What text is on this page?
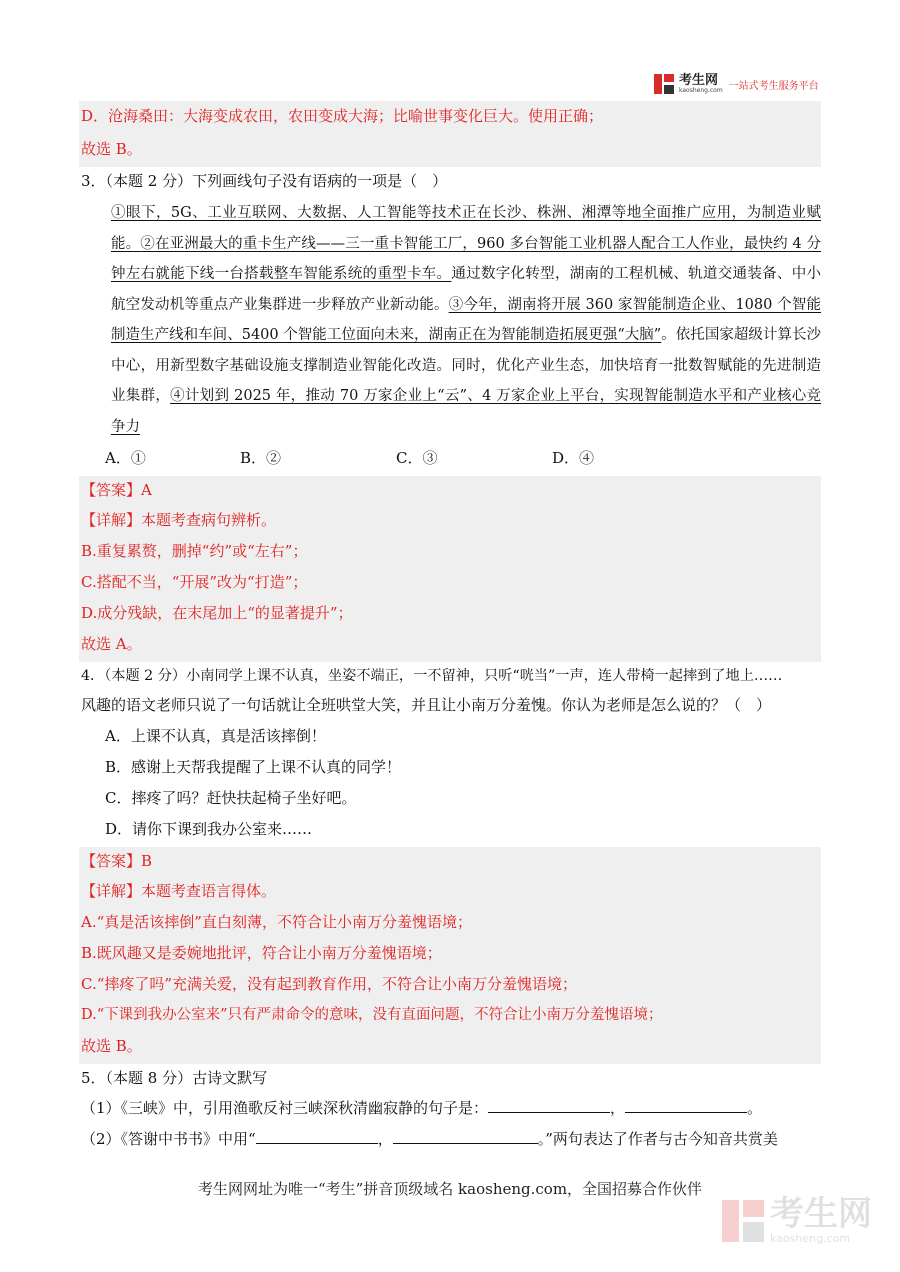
考生网
kaosheng.com 一站式考生服务平台
D．沧海桑田：大海变成农田，农田变成大海；比喻世事变化巨大。使用正确；
故选 B。
3．（本题 2 分）下列画线句子没有语病的一项是（　）
①眼下，5G、工业互联网、大数据、人工智能等技术正在长沙、株洲、湘潭等地全面推广应用，为制造业赋能。②在亚洲最大的重卡生产线——三一重卡智能工厂，960 多台智能工业机器人配合工人作业，最快约 4 分钟左右就能下线一台搭载整车智能系统的重型卡车。通过数字化转型，湖南的工程机械、轨道交通装备、中小航空发动机等重点产业集群进一步释放产业新动能。③今年，湖南将开展 360 家智能制造企业、1080 个智能制造生产线和车间、5400 个智能工位面向未来，湖南正在为智能制造拓展更强“大脑”。依托国家超级计算长沙中心，用新型数字基础设施支撑制造业智能化改造。同时，优化产业生态，加快培育一批数智赋能的先进制造业集群，④计划到 2025 年，推动 70 万家企业上“云”、4 万家企业上平台，实现智能制造水平和产业核心竞争力
A．①	B．②	C．③	D．④
【答案】A
【详解】本题考查病句辨析。
B.重复累赘，删掉“约”或“左右”；
C.搭配不当，“开展”改为“打造”；
D.成分残缺，在末尾加上“的显著提升”；
故选 A。
4．（本题 2 分）小南同学上课不认真，坐姿不端正，一不留神，只听“咣当”一声，连人带椅一起摔到了地上……
风趣的语文老师只说了一句话就让全班哄堂大笑，并且让小南万分羞愧。你认为老师是怎么说的？（　）
A．上课不认真，真是活该摔倒！
B．感谢上天帮我提醒了上课不认真的同学！
C．摔疼了吗？赶快扶起椅子坐好吧。
D．请你下课到我办公室来……
【答案】B
【详解】本题考查语言得体。
A.“真是活该摔倒”直白刻薄，不符合让小南万分羞愧语境；
B.既风趣又是委婉地批评，符合让小南万分羞愧语境；
C.“摔疼了吗”充满关爱，没有起到教育作用，不符合让小南万分羞愧语境；
D.“下课到我办公室来”只有严肃命令的意味，没有直面问题，不符合让小南万分羞愧语境；
故选 B。
5．（本题 8 分）古诗文默写
（1）《三峡》中，引用渔歌反衬三峡深秋清幽寂静的句子是：	，	。
（2）《答谢中书书》中用“	，	。”两句表达了作者与古今知音共赏美
考生网网址为唯一“考生”拼音顶级域名 kaosheng.com，全国招募合作伙伴
考生网
kaosheng.com
